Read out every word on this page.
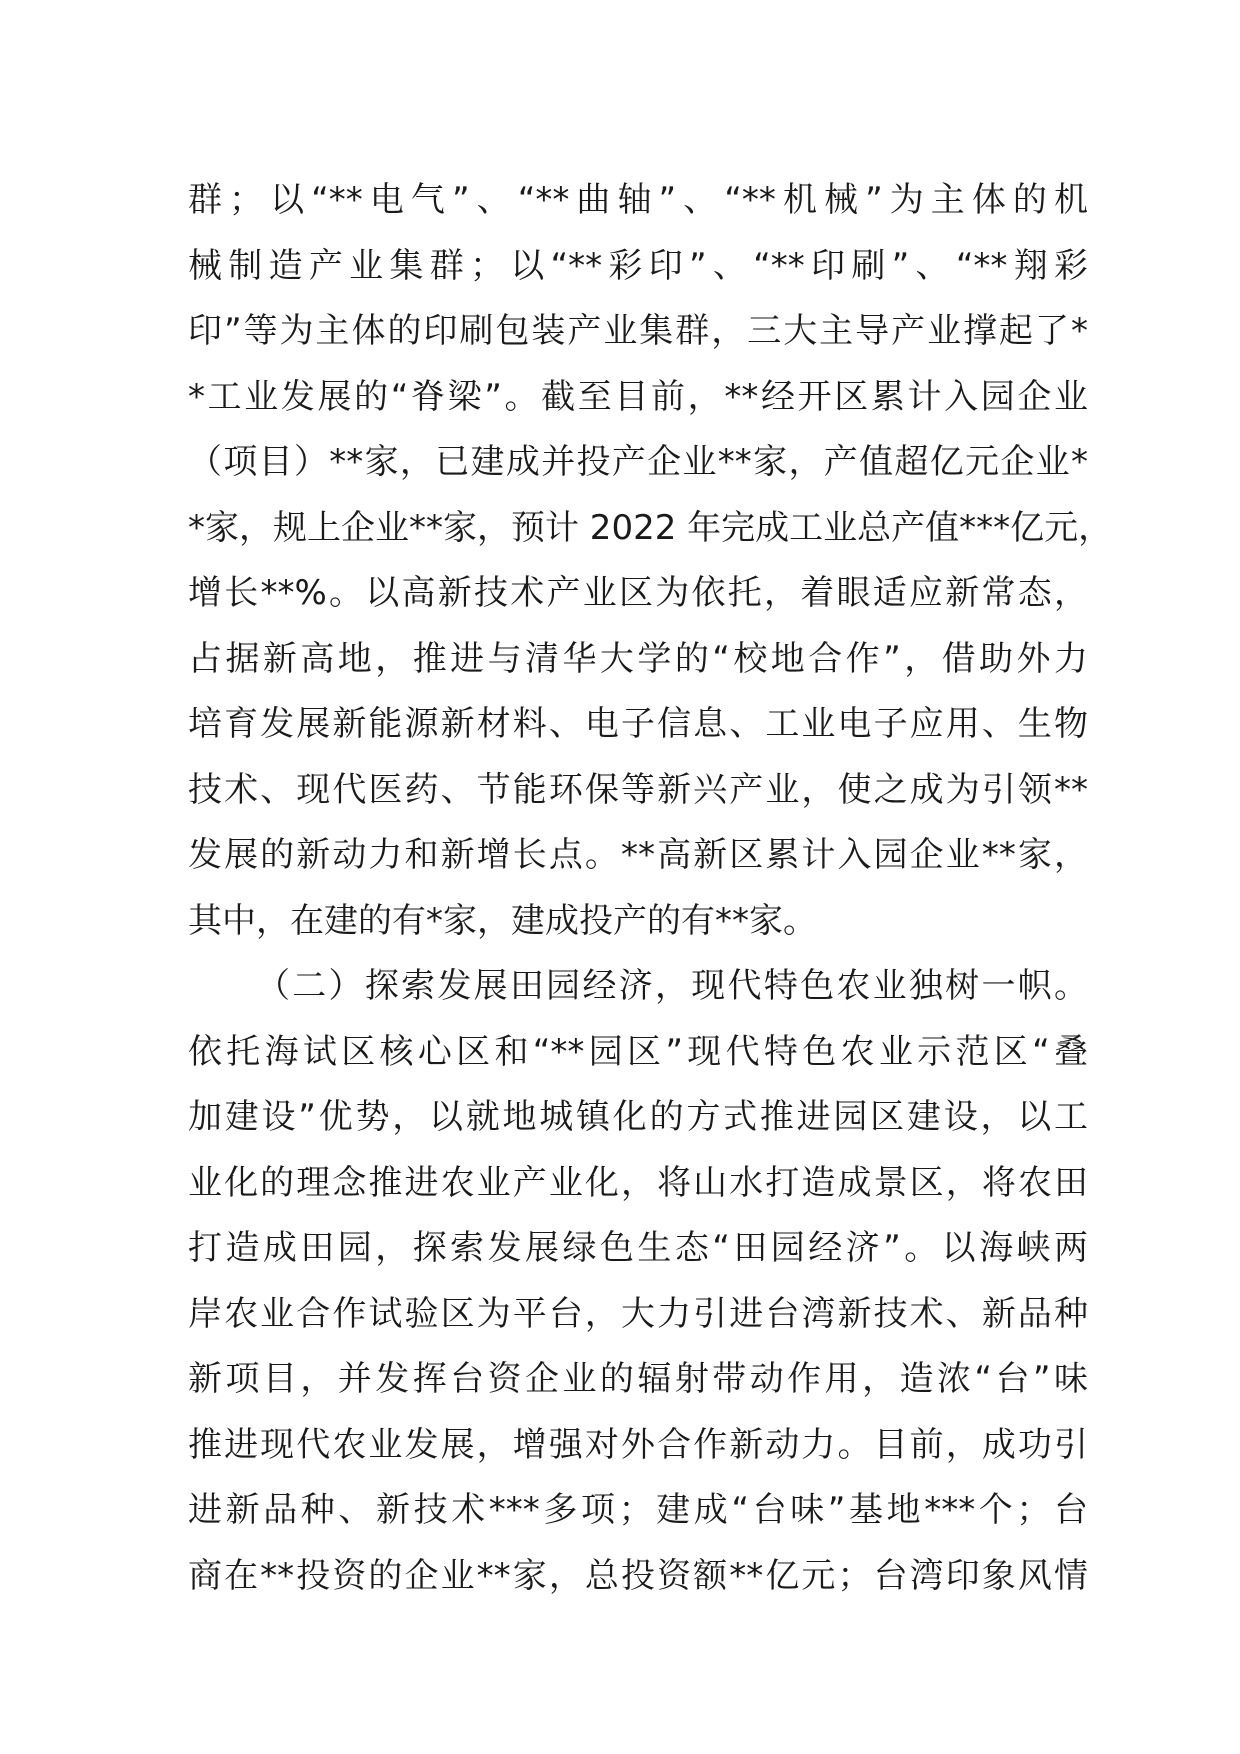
群；以“**电气”、“**曲轴”、“**机械”为主体的机
械制造产业集群；以“**彩印”、“**印刷”、“**翔彩
印”等为主体的印刷包装产业集群，三大主导产业撑起了*
*工业发展的“脊梁”。截至目前，**经开区累计入园企业
（项目）**家，已建成并投产企业**家，产值超亿元企业*
*家，规上企业**家，预计 2022 年完成工业总产值***亿元，
增长**%。以高新技术产业区为依托，着眼适应新常态，
占据新高地，推进与清华大学的“校地合作”，借助外力
培育发展新能源新材料、电子信息、工业电子应用、生物
技术、现代医药、节能环保等新兴产业，使之成为引领**
发展的新动力和新增长点。**高新区累计入园企业**家，
其中，在建的有*家，建成投产的有**家。
（二）探索发展田园经济，现代特色农业独树一帜。
依托海试区核心区和“**园区”现代特色农业示范区“叠
加建设”优势，以就地城镇化的方式推进园区建设，以工
业化的理念推进农业产业化，将山水打造成景区，将农田
打造成田园，探索发展绿色生态“田园经济”。以海峡两
岸农业合作试验区为平台，大力引进台湾新技术、新品种
新项目，并发挥台资企业的辐射带动作用，造浓“台”味
推进现代农业发展，增强对外合作新动力。目前，成功引
进新品种、新技术***多项；建成“台味”基地***个；台
商在**投资的企业**家，总投资额**亿元；台湾印象风情
